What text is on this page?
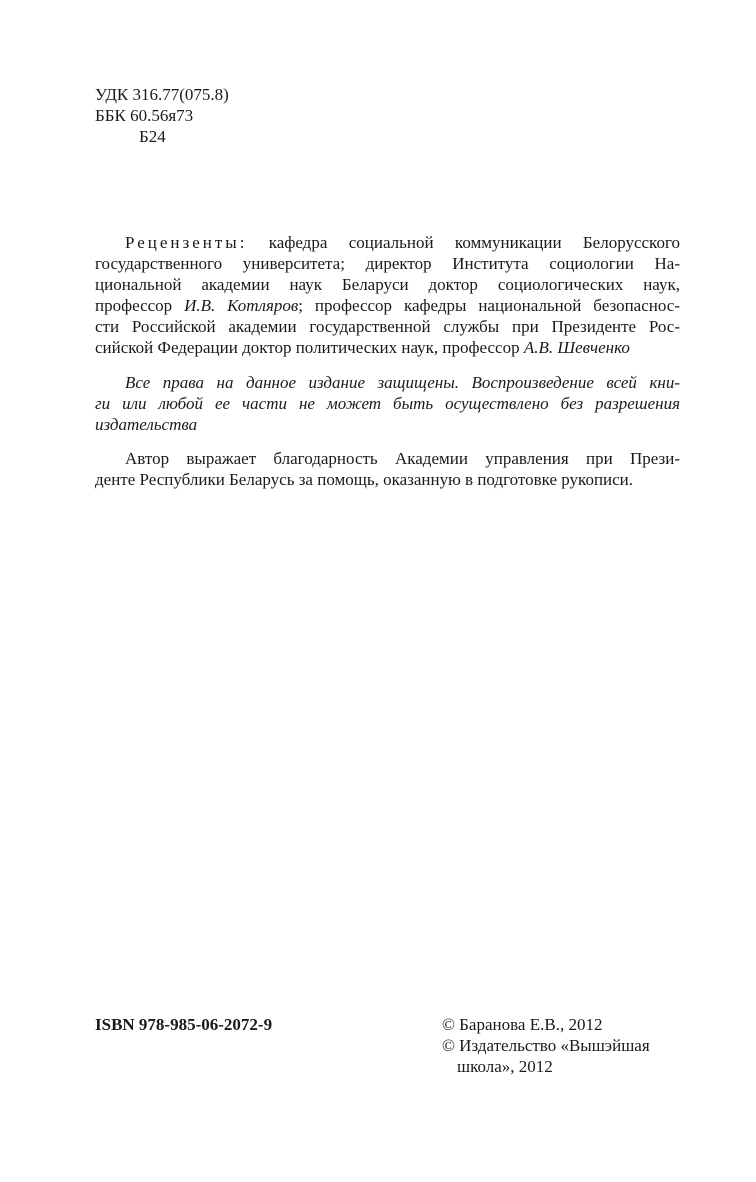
УДК 316.77(075.8)
ББК 60.56я73
Б24
Рецензенты: кафедра социальной коммуникации Белорусского
государственного университета; директор Института социологии На-
циональной академии наук Беларуси доктор социологических наук,
профессор И.В. Котляров; профессор кафедры национальной безопаснос-
сти Российской академии государственной службы при Президенте Рос-
сийской Федерации доктор политических наук, профессор А.В. Шевченко
Все права на данное издание защищены. Воспроизведение всей кни-
ги или любой ее части не может быть осуществлено без разрешения
издательства
Автор выражает благодарность Академии управления при Прези-
денте Республики Беларусь за помощь, оказанную в подготовке рукописи.
ISBN 978-985-06-2072-9	© Баранова Е.В., 2012
© Издательство «Вышэйшая
школа», 2012
